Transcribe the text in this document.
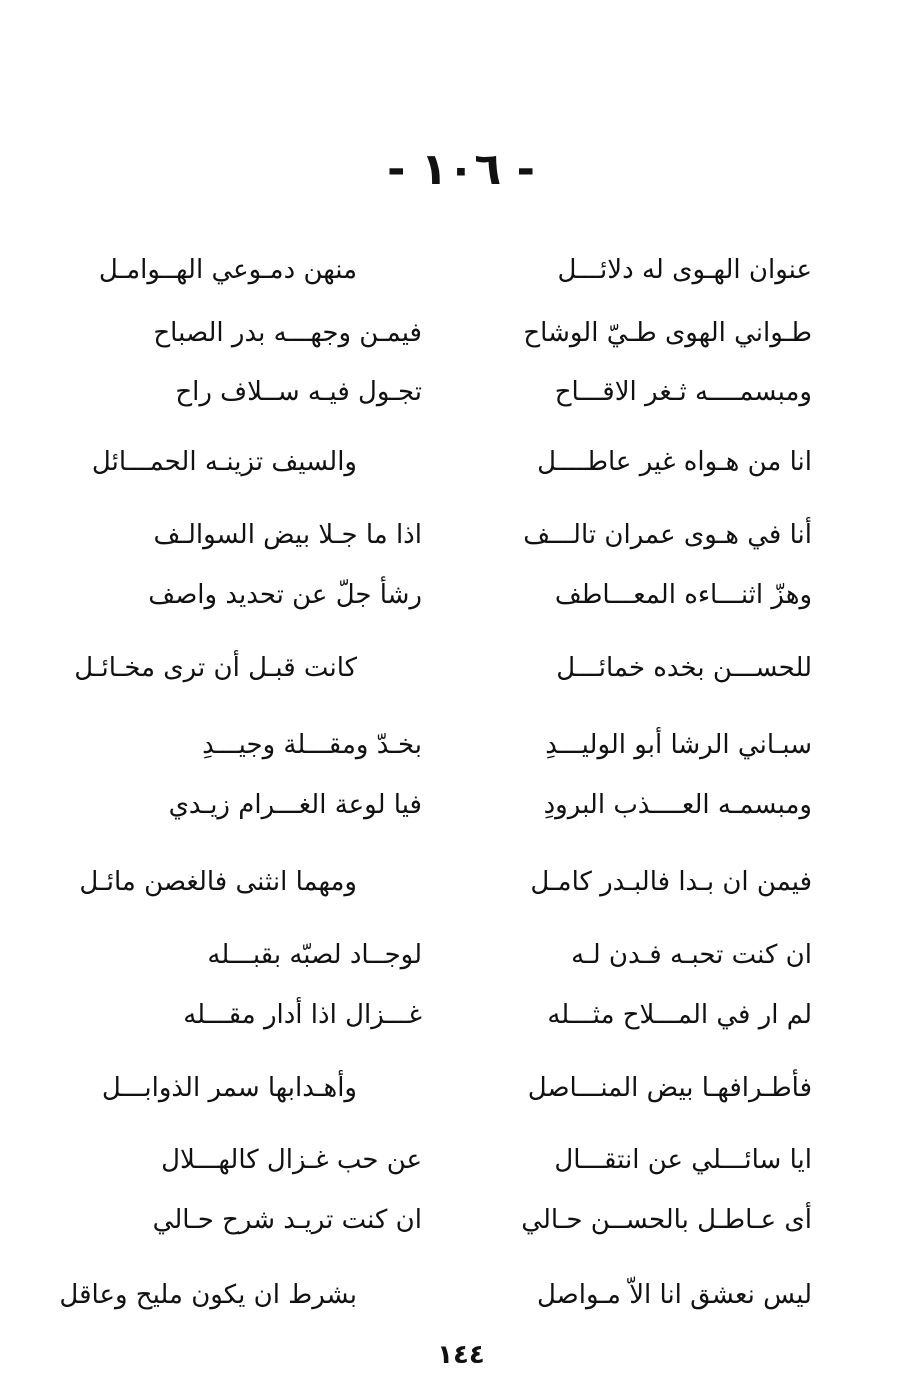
- ١٠٦ -
عنوان الهـوى له دلائـــل
منهن دمـوعي الهــوامـل
طـواني الهوى طـيّ الوشاح
فيمـن وجهـــه بدر الصباح
ومبسمــــه ثـغر الاقـــاح
تجـول فيـه ســلاف راح
انا من هـواه غير عاطــــل
والسيف تزينـه الحمـــائل
أنا في هـوى عمران تالـــف
اذا ما جـلا بيض السوالـف
وهزّ اثنـــاءه المعـــاطف
رشأ جلّ عن تحديد واصف
للحســـن بخده خمائـــل
كانت قبـل أن ترى مخـائـل
سبـاني الرشا أبو الوليـــدِ
بخـدّ ومقـــلة وجيـــدِ
ومبسمـه العــــذب البرودِ
فيا لوعة الغـــرام زيـدي
فيمن ان بـدا فالبـدر كامـل
ومهما انثنى فالغصن مائـل
ان كنت تحبـه فـدن لـه
لوجــاد لصبّه بقبـــله
لم ار في المـــلاح مثـــله
غـــزال اذا أدار مقـــله
فأطـرافهـا بيض المنـــاصل
وأهـدابها سمر الذوابـــل
ايا سائـــلي عن انتقـــال
عن حب غـزال كالهـــلال
أى عـاطـل بالحســن حـالي
ان كنت تريـد شرح حـالي
ليس نعشق انا الاّ مـواصل
بشرط ان يكون مليح وعاقل
١٤٤
